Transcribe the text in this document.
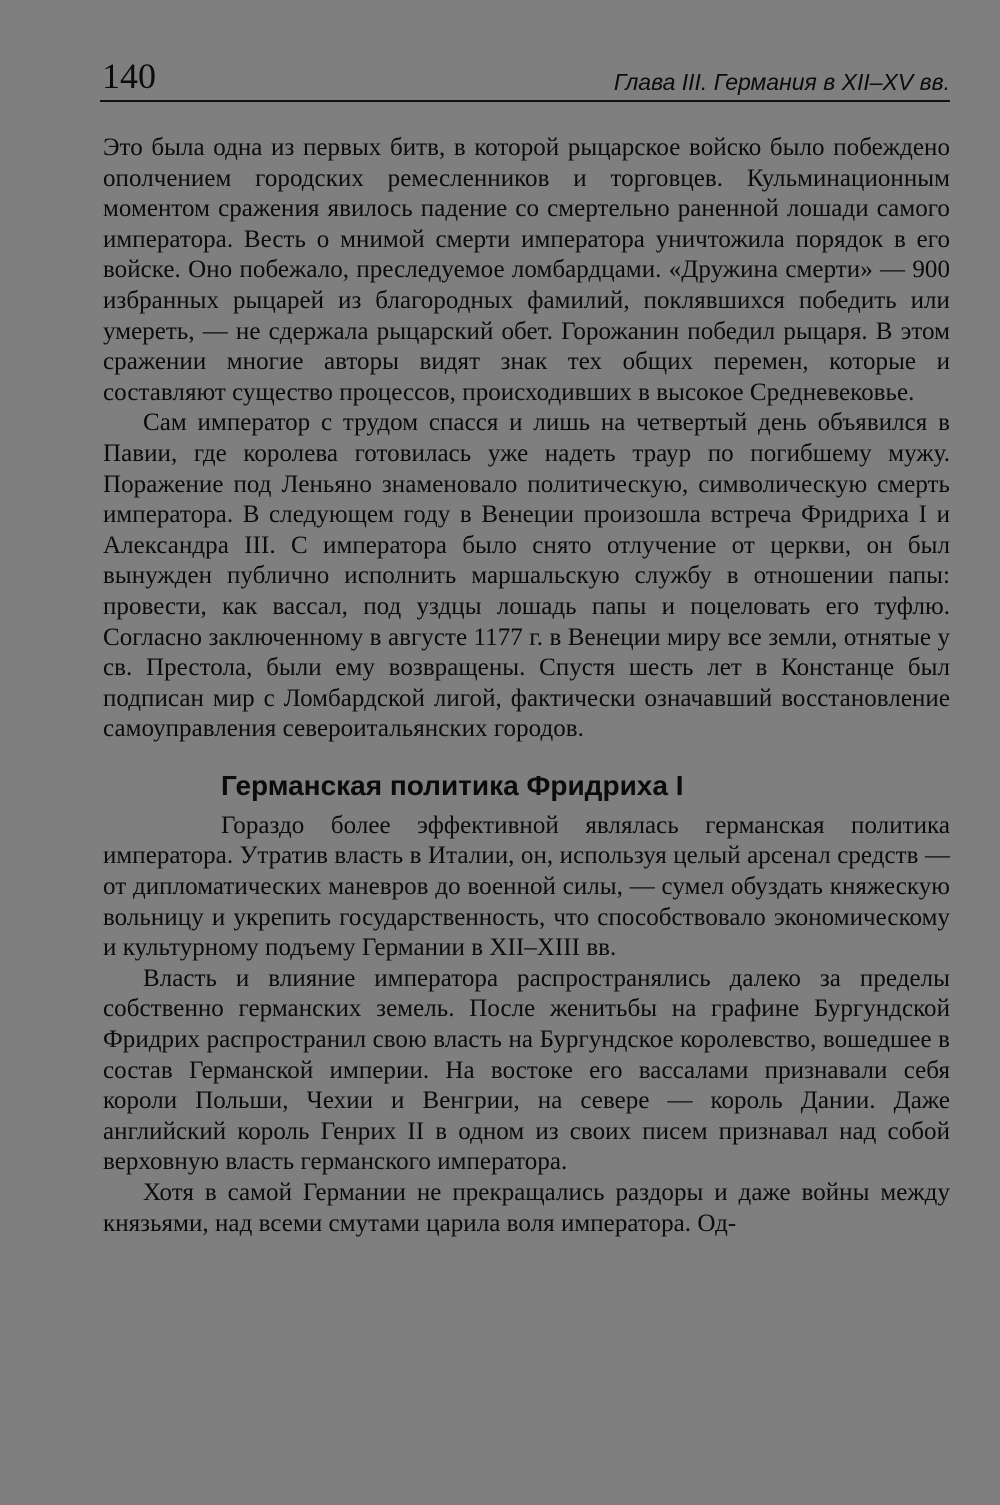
140	Глава III. Германия в XII–XV вв.

Это была одна из первых битв, в которой рыцарское войско было побеждено ополчением городских ремесленников и торговцев. Кульминационным моментом сражения явилось падение со смертельно раненной лошади самого императора. Весть о мнимой смерти императора уничтожила порядок в его войске. Оно побежало, преследуемое ломбардцами. «Дружина смерти» — 900 избранных рыцарей из благородных фамилий, поклявшихся победить или умереть, — не сдержала рыцарский обет. Горожанин победил рыцаря. В этом сражении многие авторы видят знак тех общих перемен, которые и составляют существо процессов, происходивших в высокое Средневековье.

Сам император с трудом спасся и лишь на четвертый день объявился в Павии, где королева готовилась уже надеть траур по погибшему мужу. Поражение под Леньяно знаменовало политическую, символическую смерть императора. В следующем году в Венеции произошла встреча Фридриха I и Александра III. С императора было снято отлучение от церкви, он был вынужден публично исполнить маршальскую службу в отношении папы: провести, как вассал, под уздцы лошадь папы и поцеловать его туфлю. Согласно заключенному в августе 1177 г. в Венеции миру все земли, отнятые у св. Престола, были ему возвращены. Спустя шесть лет в Констанце был подписан мир с Ломбардской лигой, фактически означавший восстановление самоуправления североитальянских городов.

Германская политика Фридриха I

Гораздо более эффективной являлась германская политика императора. Утратив власть в Италии, он, используя целый арсенал средств — от дипломатических маневров до военной силы, — сумел обуздать княжескую вольницу и укрепить государственность, что способствовало экономическому и культурному подъему Германии в XII–XIII вв.

Власть и влияние императора распространялись далеко за пределы собственно германских земель. После женитьбы на графине Бургундской Фридрих распространил свою власть на Бургундское королевство, вошедшее в состав Германской империи. На востоке его вассалами признавали себя короли Польши, Чехии и Венгрии, на севере — король Дании. Даже английский король Генрих II в одном из своих писем признавал над собой верховную власть германского императора.

Хотя в самой Германии не прекращались раздоры и даже войны между князьями, над всеми смутами царила воля императора. Од-
